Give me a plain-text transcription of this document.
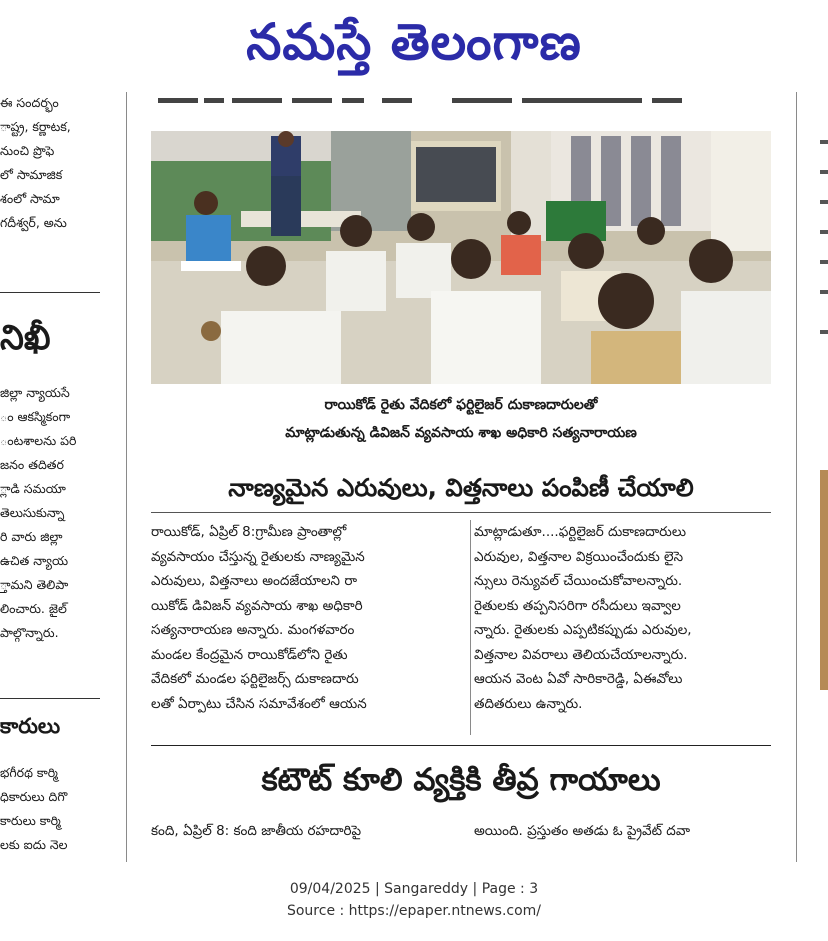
నమస్తే తెలంగాణ
ఈ సందర్భం
ాష్ట్ర, కర్ణాటక,
నుంచి ప్రొఫె
లో సామాజిక
శంలో సామా
గదీశ్వర్, అను
నిఖీ
జిల్లా న్యాయసే
ం ఆకస్మికంగా
ంటశాలను పరి
జనం తదితర
్లాడి సమయా
తెలుసుకున్నా
రి వారు జిల్లా
ఉచిత న్యాయ
్తామని తెలిపా
లించారు. జైల్
పాల్గొన్నారు.
కారులు
భగీరథ కార్మి
ధికారులు దిగొ
కారులు కార్మి
లకు ఐదు నెల
రాయికోడ్ రైతు వేదికలో ఫర్టిలైజర్ దుకాణదారులతో
మాట్లాడుతున్న డివిజన్ వ్యవసాయ శాఖ అధికారి సత్యనారాయణ
నాణ్యమైన ఎరువులు, విత్తనాలు పంపిణీ చేయాలి
రాయికోడ్, ఏప్రిల్ 8:గ్రామీణ ప్రాంతాల్లో
వ్యవసాయం చేస్తున్న రైతులకు నాణ్యమైన
ఎరువులు, విత్తనాలు అందజేయాలని రా
యికోడ్ డివిజన్ వ్యవసాయ శాఖ అధికారి
సత్యనారాయణ అన్నారు. మంగళవారం
మండల కేంద్రమైన రాయికోడ్‌లోని రైతు
వేదికలో మండల ఫర్టిలైజర్స్ దుకాణదారు
లతో ఏర్పాటు చేసిన సమావేశంలో ఆయన
మాట్లాడుతూ....ఫర్టిలైజర్ దుకాణదారులు
ఎరువుల, విత్తనాల విక్రయించేందుకు లైసె
న్సులు రెన్యువల్ చేయించుకోవాలన్నారు.
రైతులకు తప్పనిసరిగా రసీదులు ఇవ్వాల
న్నారు. రైతులకు ఎప్పటికప్పుడు ఎరువుల,
విత్తనాల వివరాలు తెలియచేయాలన్నారు.
ఆయన వెంట ఏవో సారికారెడ్డి, ఏఈవోలు
తదితరులు ఉన్నారు.
కటౌట్ కూలి వ్యక్తికి తీవ్ర గాయాలు
కంది, ఏప్రిల్ 8: కంది జాతీయ రహదారిపై	అయింది. ప్రస్తుతం అతడు ఓ ప్రైవేట్ దవా
09/04/2025 | Sangareddy | Page : 3
Source : https://epaper.ntnews.com/
